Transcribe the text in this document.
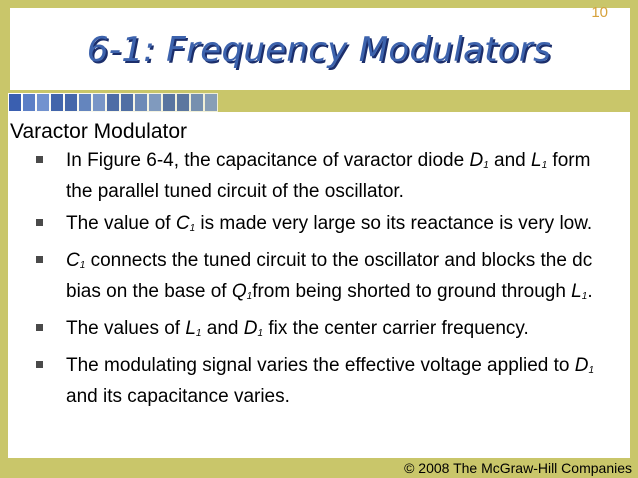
10
6-1: Frequency Modulators
Varactor Modulator
In Figure 6-4, the capacitance of varactor diode $D_1$ and $L_1$ form the parallel tuned circuit of the oscillator.
The value of $C_1$ is made very large so its reactance is very low.
$C_1$ connects the tuned circuit to the oscillator and blocks the dc bias on the base of $Q_1from$ being shorted to ground through $L_1$.
The values of $L_1$ and $D_1$ fix the center carrier frequency.
The modulating signal varies the effective voltage applied to $D_1$ and its capacitance varies.
© 2008 The McGraw-Hill Companies
